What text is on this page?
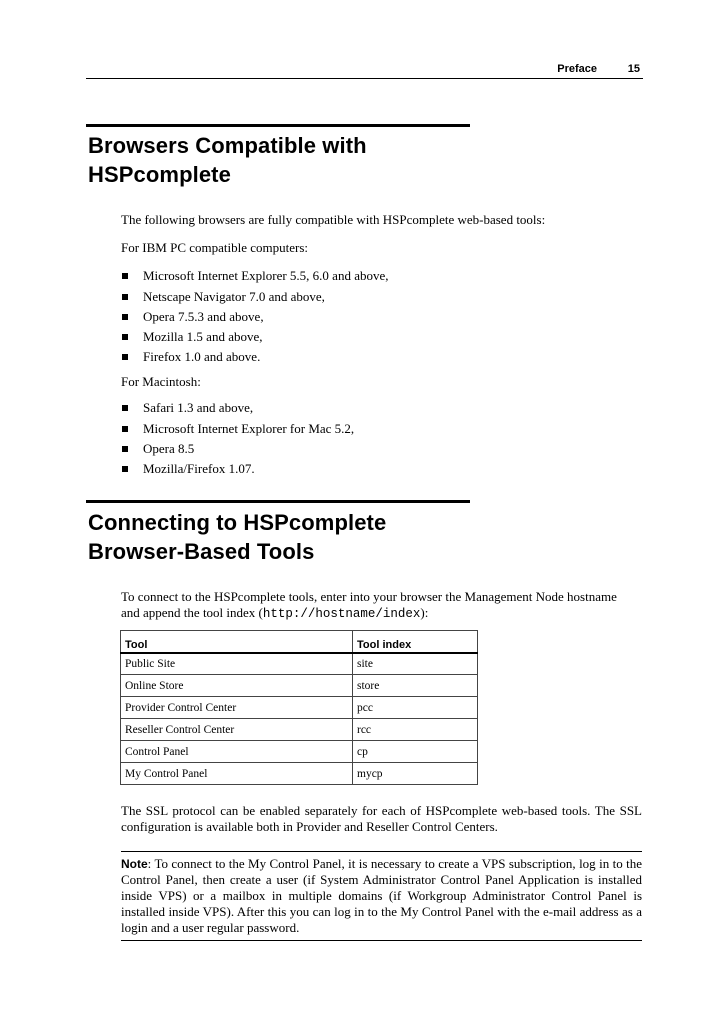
Preface	15
Browsers Compatible with
HSPcomplete
The following browsers are fully compatible with HSPcomplete web-based tools:
For IBM PC compatible computers:
Microsoft Internet Explorer 5.5, 6.0 and above,
Netscape Navigator 7.0 and above,
Opera 7.5.3 and above,
Mozilla 1.5 and above,
Firefox 1.0 and above.
For Macintosh:
Safari 1.3 and above,
Microsoft Internet Explorer for Mac 5.2,
Opera 8.5
Mozilla/Firefox 1.07.
Connecting to HSPcomplete
Browser-Based Tools
To connect to the HSPcomplete tools, enter into your browser the Management Node hostname
and append the tool index (http://hostname/index):
Tool	Tool index
Public Site	site
Online Store	store
Provider Control Center	pcc
Reseller Control Center	rcc
Control Panel	cp
My Control Panel	mycp
The SSL protocol can be enabled separately for each of HSPcomplete web-based tools. The SSL configuration is available both in Provider and Reseller Control Centers.
Note: To connect to the My Control Panel, it is necessary to create a VPS subscription, log in to the Control Panel, then create a user (if System Administrator Control Panel Application is installed inside VPS) or a mailbox in multiple domains (if Workgroup Administrator Control Panel is installed inside VPS). After this you can log in to the My Control Panel with the e-mail address as a login and a user regular password.
